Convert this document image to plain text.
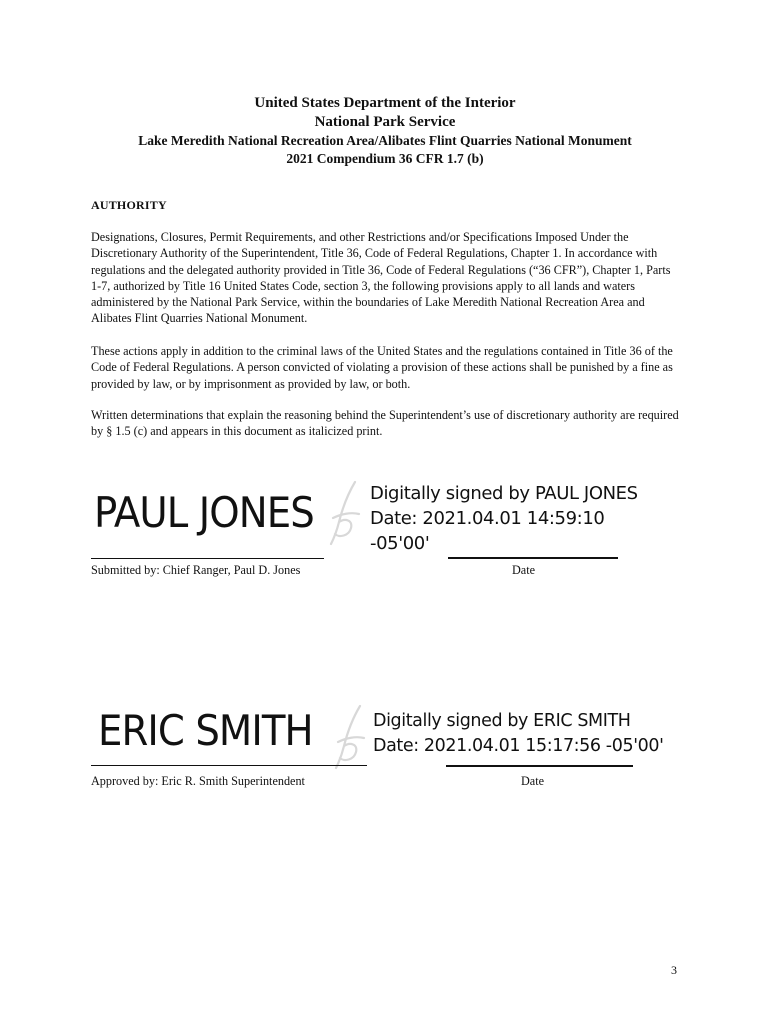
United States Department of the Interior
National Park Service
Lake Meredith National Recreation Area/Alibates Flint Quarries National Monument
2021 Compendium 36 CFR 1.7 (b)
AUTHORITY

Designations, Closures, Permit Requirements, and other Restrictions and/or Specifications Imposed Under the Discretionary Authority of the Superintendent, Title 36, Code of Federal Regulations, Chapter 1. In accordance with regulations and the delegated authority provided in Title 36, Code of Federal Regulations (“36 CFR”), Chapter 1, Parts 1-7, authorized by Title 16 United States Code, section 3, the following provisions apply to all lands and waters administered by the National Park Service, within the boundaries of Lake Meredith National Recreation Area and Alibates Flint Quarries National Monument.

These actions apply in addition to the criminal laws of the United States and the regulations contained in Title 36 of the Code of Federal Regulations. A person convicted of violating a provision of these actions shall be punished by a fine as provided by law, or by imprisonment as provided by law, or both.

Written determinations that explain the reasoning behind the Superintendent’s use of discretionary authority are required by § 1.5 (c) and appears in this document as italicized print.

PAUL JONES	Digitally signed by PAUL JONES
Date: 2021.04.01 14:59:10
-05'00'
Submitted by: Chief Ranger, Paul D. Jones	Date
ERIC SMITH	Digitally signed by ERIC SMITH
Date: 2021.04.01 15:17:56 -05'00'
Approved by: Eric R. Smith Superintendent	Date
3
